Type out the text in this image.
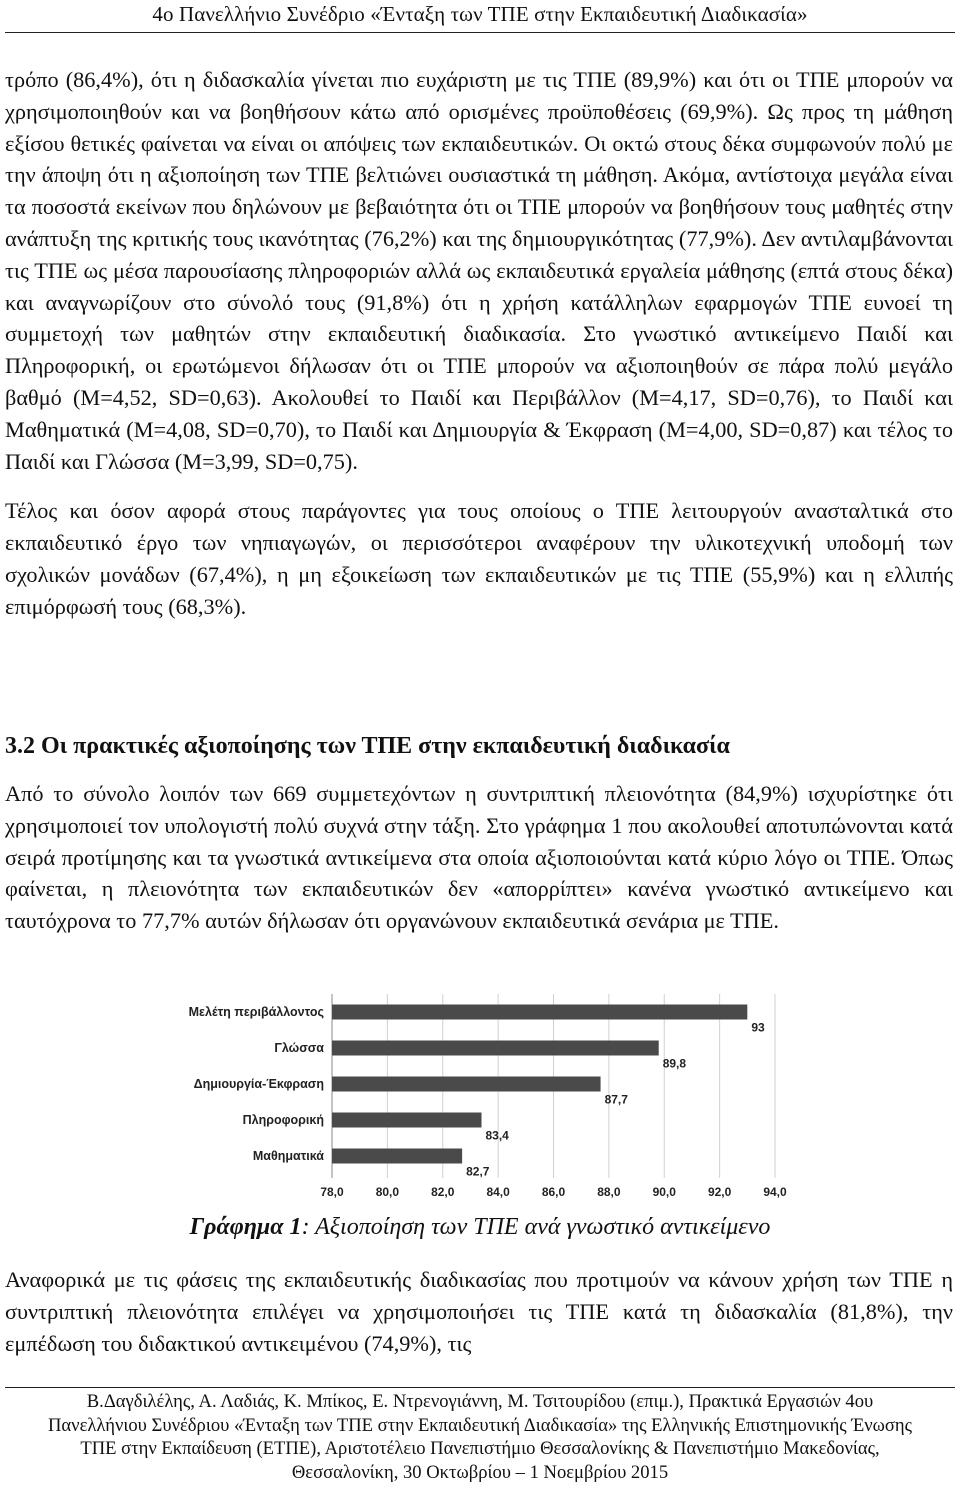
4ο Πανελλήνιο Συνέδριο «Ένταξη των ΤΠΕ στην Εκπαιδευτική Διαδικασία»

τρόπο (86,4%), ότι η διδασκαλία γίνεται πιο ευχάριστη με τις ΤΠΕ (89,9%) και ότι οι ΤΠΕ μπορούν να χρησιμοποιηθούν και να βοηθήσουν κάτω από ορισμένες προϋποθέσεις (69,9%). Ως προς τη μάθηση εξίσου θετικές φαίνεται να είναι οι απόψεις των εκπαιδευτικών. Οι οκτώ στους δέκα συμφωνούν πολύ με την άποψη ότι η αξιοποίηση των ΤΠΕ βελτιώνει ουσιαστικά τη μάθηση. Ακόμα, αντίστοιχα μεγάλα είναι τα ποσοστά εκείνων που δηλώνουν με βεβαιότητα ότι οι ΤΠΕ μπορούν να βοηθήσουν τους μαθητές στην ανάπτυξη της κριτικής τους ικανότητας (76,2%) και της δημιουργικότητας (77,9%). Δεν αντιλαμβάνονται τις ΤΠΕ ως μέσα παρουσίασης πληροφοριών αλλά ως εκπαιδευτικά εργαλεία μάθησης (επτά στους δέκα) και αναγνωρίζουν στο σύνολό τους (91,8%) ότι η χρήση κατάλληλων εφαρμογών ΤΠΕ ευνοεί τη συμμετοχή των μαθητών στην εκπαιδευτική διαδικασία. Στο γνωστικό αντικείμενο Παιδί και Πληροφορική, οι ερωτώμενοι δήλωσαν ότι οι ΤΠΕ μπορούν να αξιοποιηθούν σε πάρα πολύ μεγάλο βαθμό (M=4,52, SD=0,63). Ακολουθεί το Παιδί και Περιβάλλον (M=4,17, SD=0,76), το Παιδί και Μαθηματικά (M=4,08, SD=0,70), το Παιδί και Δημιουργία & Έκφραση (M=4,00, SD=0,87) και τέλος το Παιδί και Γλώσσα (M=3,99, SD=0,75).

Τέλος και όσον αφορά στους παράγοντες για τους οποίους ο ΤΠΕ λειτουργούν ανασταλτικά στο εκπαιδευτικό έργο των νηπιαγωγών, οι περισσότεροι αναφέρουν την υλικοτεχνική υποδομή των σχολικών μονάδων (67,4%), η μη εξοικείωση των εκπαιδευτικών με τις ΤΠΕ (55,9%) και η ελλιπής επιμόρφωσή τους (68,3%).

3.2 Οι πρακτικές αξιοποίησης των ΤΠΕ στην εκπαιδευτική διαδικασία

Από το σύνολο λοιπόν των 669 συμμετεχόντων η συντριπτική πλειονότητα (84,9%) ισχυρίστηκε ότι χρησιμοποιεί τον υπολογιστή πολύ συχνά στην τάξη. Στο γράφημα 1 που ακολουθεί αποτυπώνονται κατά σειρά προτίμησης και τα γνωστικά αντικείμενα στα οποία αξιοποιούνται κατά κύριο λόγο οι ΤΠΕ. Όπως φαίνεται, η πλειονότητα των εκπαιδευτικών δεν «απορρίπτει» κανένα γνωστικό αντικείμενο και ταυτόχρονα το 77,7% αυτών δήλωσαν ότι οργανώνουν εκπαιδευτικά σενάρια με ΤΠΕ.

78,0	80,0	82,0	84,0	86,0	88,0	90,0	92,0	94,0
Μελέτη περιβάλλοντος
93
Γλώσσα
89,8
Δημιουργία-Έκφραση
87,7
Πληροφορική
83,4
Μαθηματικά
82,7
Γράφημα 1: Αξιοποίηση των ΤΠΕ ανά γνωστικό αντικείμενο

Αναφορικά με τις φάσεις της εκπαιδευτικής διαδικασίας που προτιμούν να κάνουν χρήση των ΤΠΕ η συντριπτική πλειονότητα επιλέγει να χρησιμοποιήσει τις ΤΠΕ κατά τη διδασκαλία (81,8%), την εμπέδωση του διδακτικού αντικειμένου (74,9%), τις

Β.Δαγδιλέλης, Α. Λαδιάς, Κ. Μπίκος, Ε. Ντρενογιάννη, Μ. Τσιτουρίδου (επιμ.), Πρακτικά Εργασιών 4ου
Πανελλήνιου Συνέδριου «Ένταξη των ΤΠΕ στην Εκπαιδευτική Διαδικασία» της Ελληνικής Επιστημονικής Ένωσης
ΤΠΕ στην Εκπαίδευση (ΕΤΠΕ), Αριστοτέλειο Πανεπιστήμιο Θεσσαλονίκης & Πανεπιστήμιο Μακεδονίας,
Θεσσαλονίκη, 30 Οκτωβρίου – 1 Νοεμβρίου 2015
